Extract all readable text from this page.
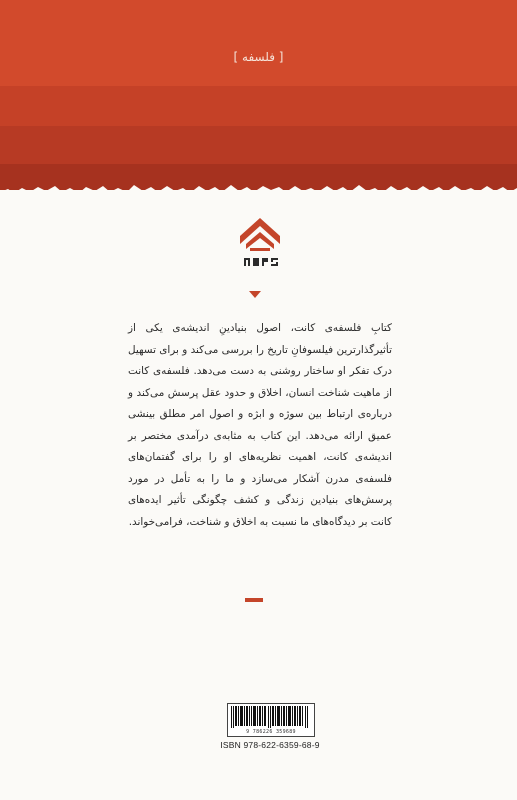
[ فلسفه ]
کتابِ فلسفه‌ی کانت، اصول بنیادینِ اندیشه‌ی یکی از تأثیرگذارترین فیلسوفانِ تاریخ را بررسی می‌کند و برای تسهیل درک تفکر او ساختار روشنی به دست می‌دهد. فلسفه‌ی کانت از ماهیت شناخت انسان، اخلاق و حدود عقل پرسش می‌کند و درباره‌ی ارتباط بین سوژه و ابژه و اصول امر مطلق بینشی عمیق ارائه می‌دهد. این کتاب به مثابه‌ی درآمدی مختصر بر اندیشه‌ی کانت، اهمیت نظریه‌های او را برای گفتمان‌های فلسفه‌ی مدرن آشکار می‌سازد و ما را به تأمل در مورد پرسش‌های بنیادین زندگی و کشف چگونگی تأثیر ایده‌های کانت بر دیدگاه‌های ما نسبت به اخلاق و شناخت، فرامی‌خواند.
9 786226 359689
ISBN 978-622-6359-68-9
